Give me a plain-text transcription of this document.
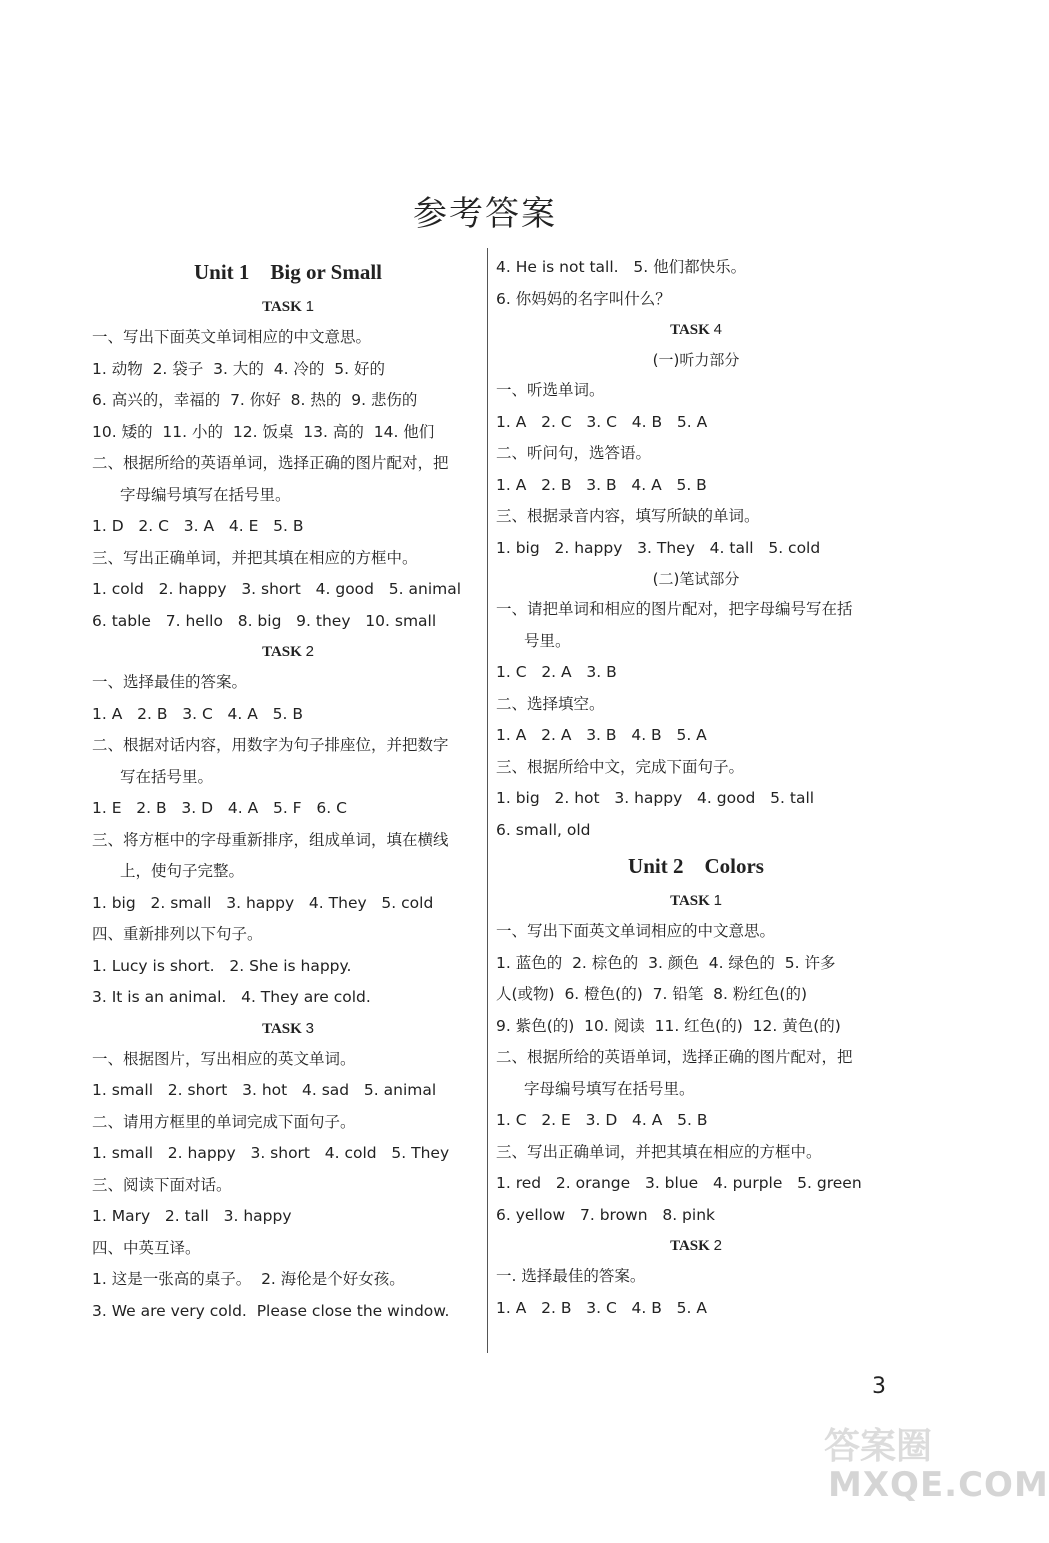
参考答案
Unit 1    Big or Small
TASK 1
一、写出下面英文单词相应的中文意思。
1. 动物  2. 袋子  3. 大的  4. 冷的  5. 好的
6. 高兴的，幸福的  7. 你好  8. 热的  9. 悲伤的
10. 矮的  11. 小的  12. 饭桌  13. 高的  14. 他们
二、根据所给的英语单词，选择正确的图片配对，把
字母编号填写在括号里。
1. D   2. C   3. A   4. E   5. B
三、写出正确单词，并把其填在相应的方框中。
1. cold   2. happy   3. short   4. good   5. animal
6. table   7. hello   8. big   9. they   10. small
TASK 2
一、选择最佳的答案。
1. A   2. B   3. C   4. A   5. B
二、根据对话内容，用数字为句子排座位，并把数字
写在括号里。
1. E   2. B   3. D   4. A   5. F   6. C
三、将方框中的字母重新排序，组成单词，填在横线
上，使句子完整。
1. big   2. small   3. happy   4. They   5. cold
四、重新排列以下句子。
1. Lucy is short.   2. She is happy.
3. It is an animal.   4. They are cold.
TASK 3
一、根据图片，写出相应的英文单词。
1. small   2. short   3. hot   4. sad   5. animal
二、请用方框里的单词完成下面句子。
1. small   2. happy   3. short   4. cold   5. They
三、阅读下面对话。
1. Mary   2. tall   3. happy
四、中英互译。
1. 这是一张高的桌子。  2. 海伦是个好女孩。
3. We are very cold.  Please close the window.
4. He is not tall.   5. 他们都快乐。
6. 你妈妈的名字叫什么？
TASK 4
(一)听力部分
一、听选单词。
1. A   2. C   3. C   4. B   5. A
二、听问句，选答语。
1. A   2. B   3. B   4. A   5. B
三、根据录音内容，填写所缺的单词。
1. big   2. happy   3. They   4. tall   5. cold
(二)笔试部分
一、请把单词和相应的图片配对，把字母编号写在括
号里。
1. C   2. A   3. B
二、选择填空。
1. A   2. A   3. B   4. B   5. A
三、根据所给中文，完成下面句子。
1. big   2. hot   3. happy   4. good   5. tall
6. small, old
Unit 2    Colors
TASK 1
一、写出下面英文单词相应的中文意思。
1. 蓝色的  2. 棕色的  3. 颜色  4. 绿色的  5. 许多
人(或物)  6. 橙色(的)  7. 铅笔  8. 粉红色(的)
9. 紫色(的)  10. 阅读  11. 红色(的)  12. 黄色(的)
二、根据所给的英语单词，选择正确的图片配对，把
字母编号填写在括号里。
1. C   2. E   3. D   4. A   5. B
三、写出正确单词，并把其填在相应的方框中。
1. red   2. orange   3. blue   4. purple   5. green
6. yellow   7. brown   8. pink
TASK 2
一. 选择最佳的答案。
1. A   2. B   3. C   4. B   5. A
3
答案圈
MXQE.COM
